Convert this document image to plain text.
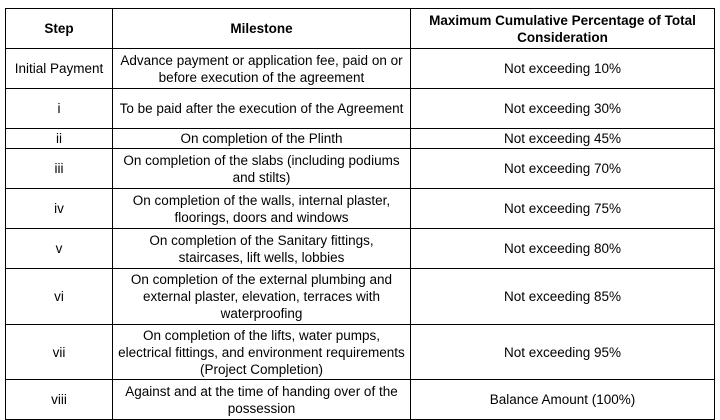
Step	Milestone	Maximum Cumulative Percentage of Total Consideration
Initial Payment	Advance payment or application fee, paid on or before execution of the agreement	Not exceeding 10%
i	To be paid after the execution of the Agreement	Not exceeding 30%
ii	On completion of the Plinth	Not exceeding 45%
iii	On completion of the slabs (including podiums and stilts)	Not exceeding 70%
iv	On completion of the walls, internal plaster, floorings, doors and windows	Not exceeding 75%
v	On completion of the Sanitary fittings, staircases, lift wells, lobbies	Not exceeding 80%
vi	On completion of the external plumbing and external plaster, elevation, terraces with waterproofing	Not exceeding 85%
vii	On completion of the lifts, water pumps, electrical fittings, and environment requirements (Project Completion)	Not exceeding 95%
viii	Against and at the time of handing over of the possession	Balance Amount (100%)
